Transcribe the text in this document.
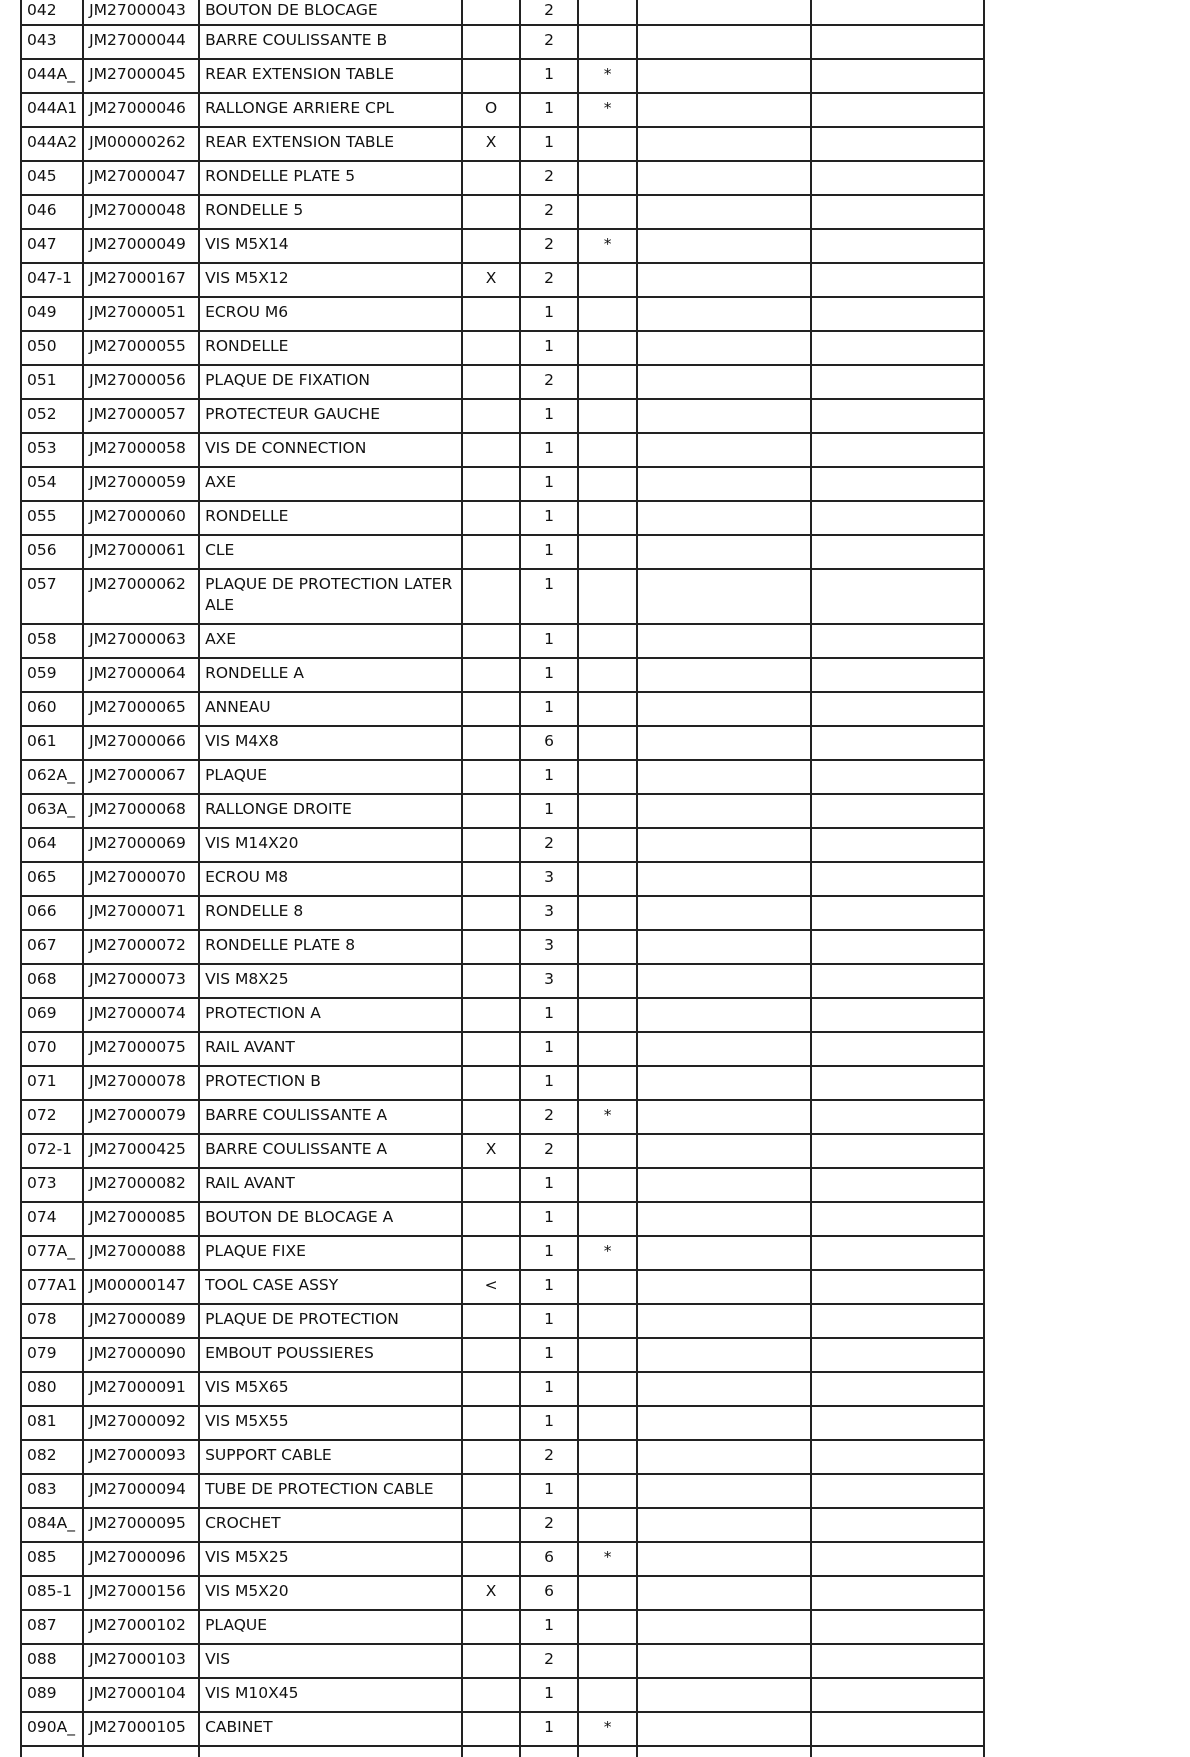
042	JM27000043	BOUTON DE BLOCAGE		2			
043	JM27000044	BARRE COULISSANTE B		2			
044A_	JM27000045	REAR EXTENSION TABLE		1	*		
044A1	JM27000046	RALLONGE ARRIERE CPL	O	1	*		
044A2	JM00000262	REAR EXTENSION TABLE	X	1			
045	JM27000047	RONDELLE PLATE 5		2			
046	JM27000048	RONDELLE 5		2			
047	JM27000049	VIS M5X14		2	*		
047-1	JM27000167	VIS M5X12	X	2			
049	JM27000051	ECROU M6		1			
050	JM27000055	RONDELLE		1			
051	JM27000056	PLAQUE DE FIXATION		2			
052	JM27000057	PROTECTEUR GAUCHE		1			
053	JM27000058	VIS DE CONNECTION		1			
054	JM27000059	AXE		1			
055	JM27000060	RONDELLE		1			
056	JM27000061	CLE		1			
057	JM27000062	PLAQUE DE PROTECTION LATER ALE		1			
058	JM27000063	AXE		1			
059	JM27000064	RONDELLE A		1			
060	JM27000065	ANNEAU		1			
061	JM27000066	VIS M4X8		6			
062A_	JM27000067	PLAQUE		1			
063A_	JM27000068	RALLONGE DROITE		1			
064	JM27000069	VIS M14X20		2			
065	JM27000070	ECROU M8		3			
066	JM27000071	RONDELLE 8		3			
067	JM27000072	RONDELLE PLATE 8		3			
068	JM27000073	VIS M8X25		3			
069	JM27000074	PROTECTION A		1			
070	JM27000075	RAIL AVANT		1			
071	JM27000078	PROTECTION B		1			
072	JM27000079	BARRE COULISSANTE A		2	*		
072-1	JM27000425	BARRE COULISSANTE A	X	2			
073	JM27000082	RAIL AVANT		1			
074	JM27000085	BOUTON DE BLOCAGE A		1			
077A_	JM27000088	PLAQUE FIXE		1	*		
077A1	JM00000147	TOOL CASE ASSY	<	1			
078	JM27000089	PLAQUE DE PROTECTION		1			
079	JM27000090	EMBOUT POUSSIERES		1			
080	JM27000091	VIS M5X65		1			
081	JM27000092	VIS M5X55		1			
082	JM27000093	SUPPORT CABLE		2			
083	JM27000094	TUBE DE PROTECTION CABLE		1			
084A_	JM27000095	CROCHET		2			
085	JM27000096	VIS M5X25		6	*		
085-1	JM27000156	VIS M5X20	X	6			
087	JM27000102	PLAQUE		1			
088	JM27000103	VIS		2			
089	JM27000104	VIS M10X45		1			
090A_	JM27000105	CABINET		1	*		
